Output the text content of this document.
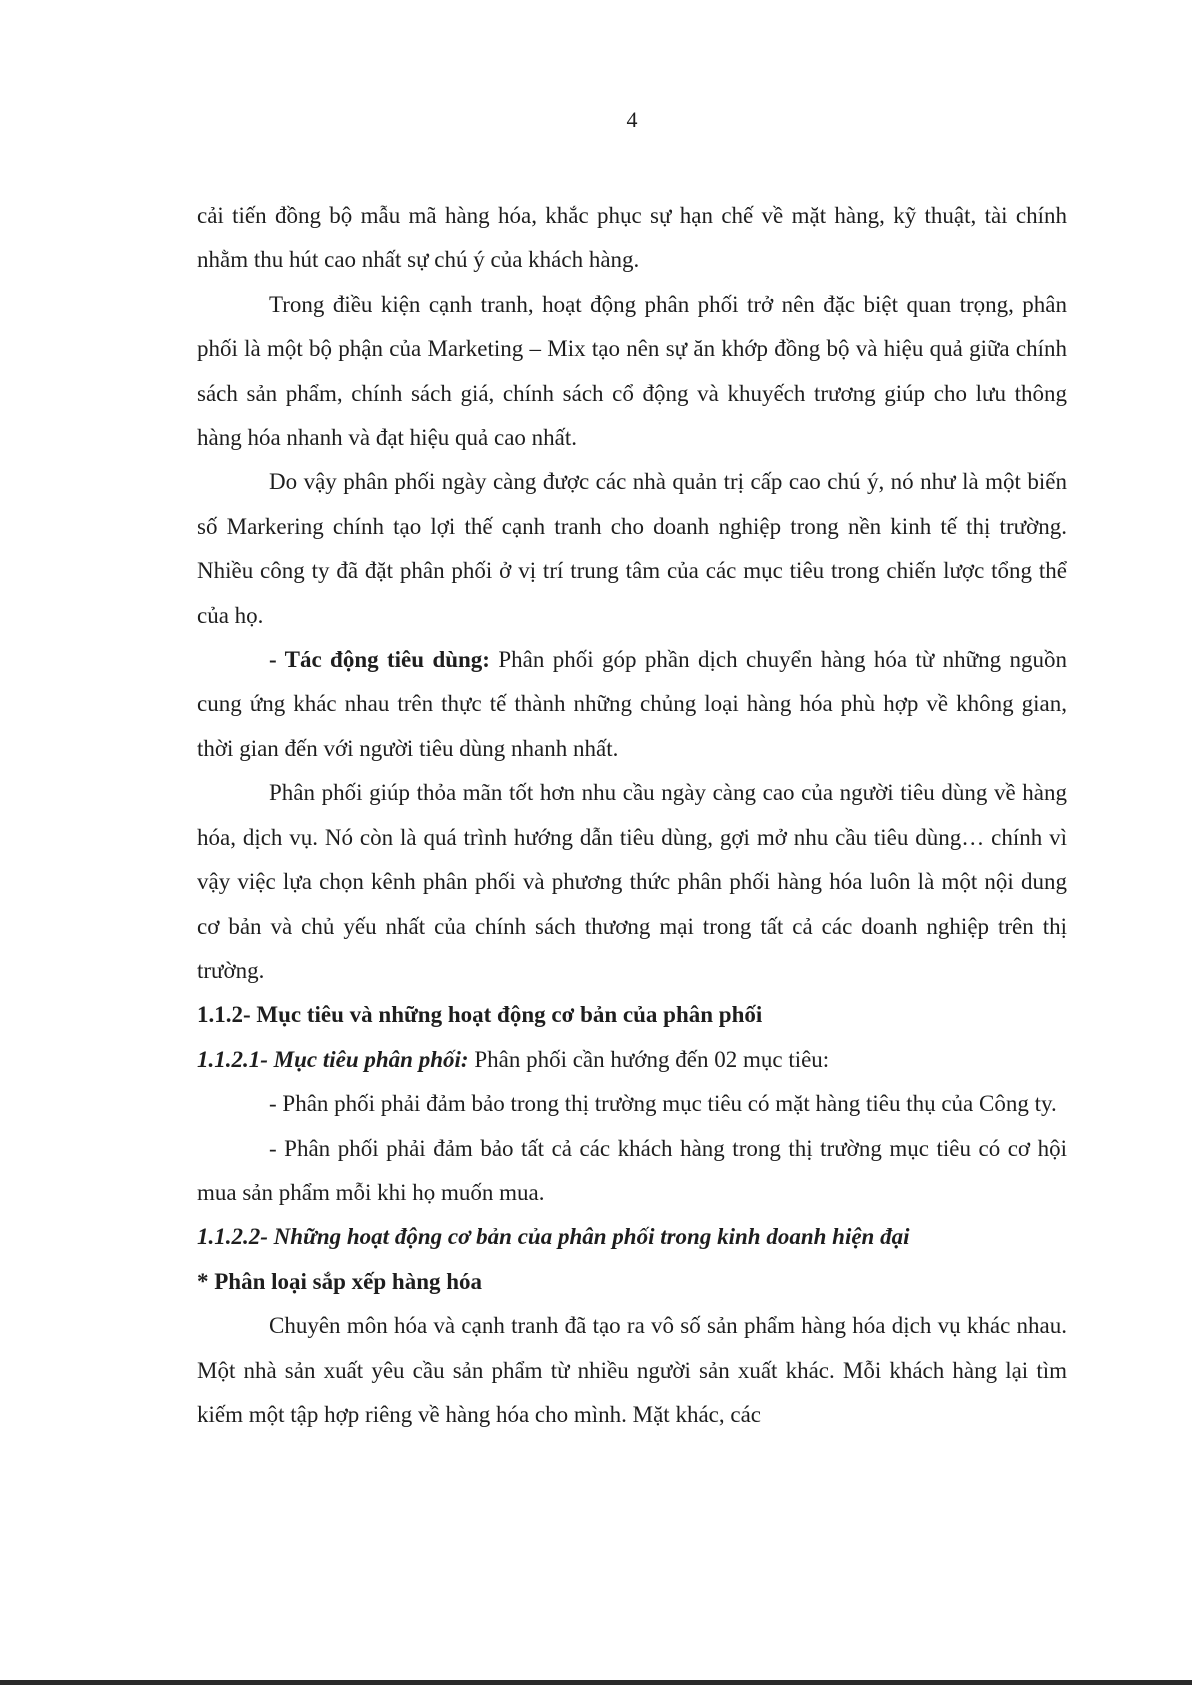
4

cải tiến đồng bộ mẫu mã hàng hóa, khắc phục sự hạn chế về mặt hàng, kỹ thuật, tài chính nhằm thu hút cao nhất sự chú ý của khách hàng.

Trong điều kiện cạnh tranh, hoạt động phân phối trở nên đặc biệt quan trọng, phân phối là một bộ phận của Marketing – Mix tạo nên sự ăn khớp đồng bộ và hiệu quả giữa chính sách sản phẩm, chính sách giá, chính sách cổ động và khuyếch trương giúp cho lưu thông hàng hóa nhanh và đạt hiệu quả cao nhất.

Do vậy phân phối ngày càng được các nhà quản trị cấp cao chú ý, nó như là một biến số Markering chính tạo lợi thế cạnh tranh cho doanh nghiệp trong nền kinh tế thị trường. Nhiều công ty đã đặt phân phối ở vị trí trung tâm của các mục tiêu trong chiến lược tổng thể của họ.

- Tác động tiêu dùng: Phân phối góp phần dịch chuyển hàng hóa từ những nguồn cung ứng khác nhau trên thực tế thành những chủng loại hàng hóa phù hợp về không gian, thời gian đến với người tiêu dùng nhanh nhất.

Phân phối giúp thỏa mãn tốt hơn nhu cầu ngày càng cao của người tiêu dùng về hàng hóa, dịch vụ. Nó còn là quá trình hướng dẫn tiêu dùng, gợi mở nhu cầu tiêu dùng… chính vì vậy việc lựa chọn kênh phân phối và phương thức phân phối hàng hóa luôn là một nội dung cơ bản và chủ yếu nhất của chính sách thương mại trong tất cả các doanh nghiệp trên thị trường.

1.1.2- Mục tiêu và những hoạt động cơ bản của phân phối

1.1.2.1- Mục tiêu phân phối: Phân phối cần hướng đến 02 mục tiêu:

- Phân phối phải đảm bảo trong thị trường mục tiêu có mặt hàng tiêu thụ của Công ty.

- Phân phối phải đảm bảo tất cả các khách hàng trong thị trường mục tiêu có cơ hội mua sản phẩm mỗi khi họ muốn mua.

1.1.2.2- Những hoạt động cơ bản của phân phối trong kinh doanh hiện đại

* Phân loại sắp xếp hàng hóa

Chuyên môn hóa và cạnh tranh đã tạo ra vô số sản phẩm hàng hóa dịch vụ khác nhau. Một nhà sản xuất yêu cầu sản phẩm từ nhiều người sản xuất khác. Mỗi khách hàng lại tìm kiếm một tập hợp riêng về hàng hóa cho mình. Mặt khác, các
